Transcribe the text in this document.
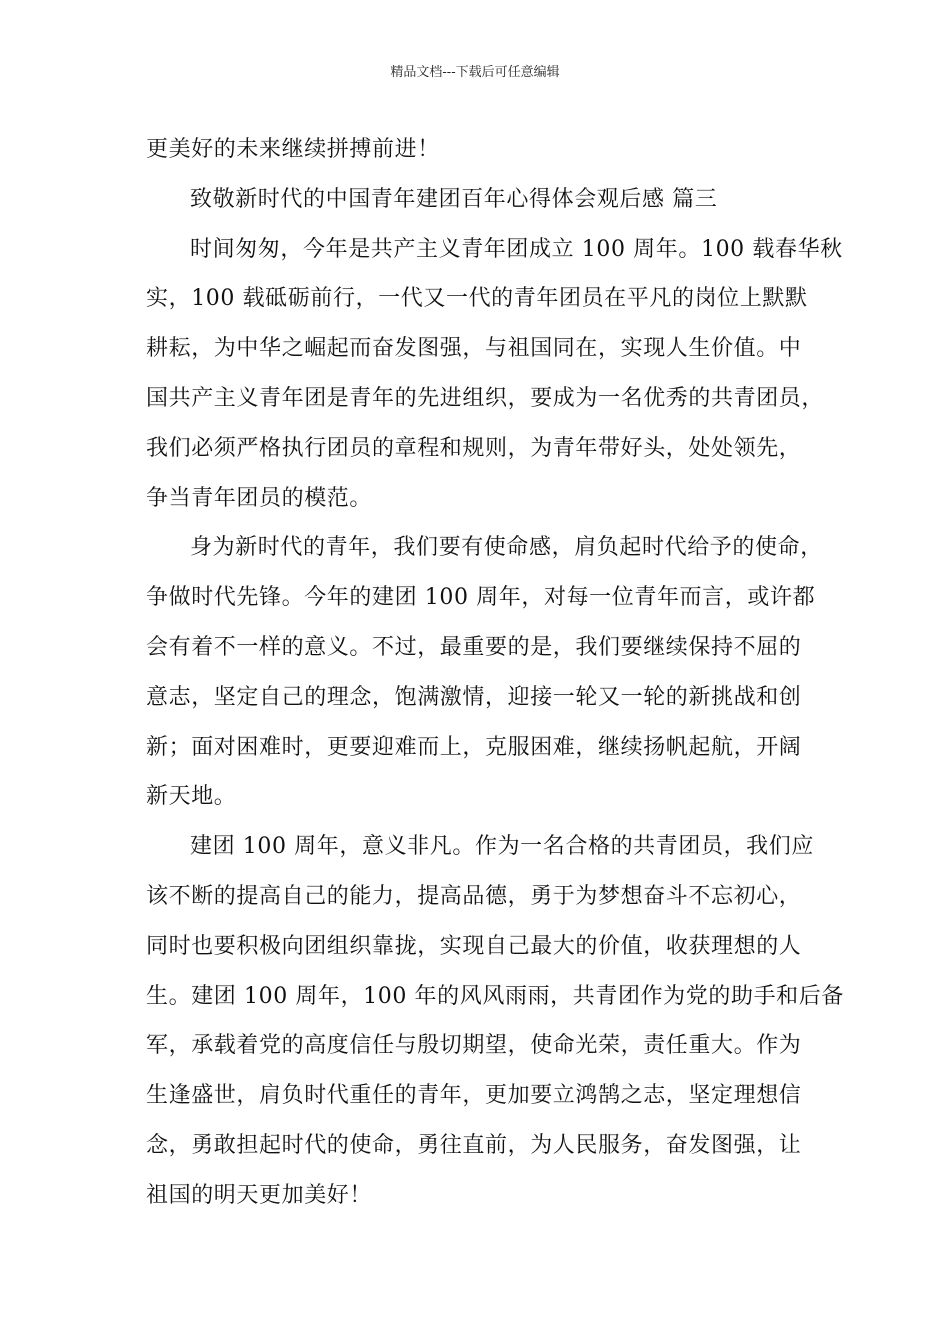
精品文档---下载后可任意编辑
更美好的未来继续拼搏前进！
致敬新时代的中国青年建团百年心得体会观后感 篇三
时间匆匆，今年是共产主义青年团成立 100 周年。100 载春华秋
实，100 载砥砺前行，一代又一代的青年团员在平凡的岗位上默默
耕耘，为中华之崛起而奋发图强，与祖国同在，实现人生价值。中
国共产主义青年团是青年的先进组织，要成为一名优秀的共青团员，
我们必须严格执行团员的章程和规则，为青年带好头，处处领先，
争当青年团员的模范。
身为新时代的青年，我们要有使命感，肩负起时代给予的使命，
争做时代先锋。今年的建团 100 周年，对每一位青年而言，或许都
会有着不一样的意义。不过，最重要的是，我们要继续保持不屈的
意志，坚定自己的理念，饱满激情，迎接一轮又一轮的新挑战和创
新；面对困难时，更要迎难而上，克服困难，继续扬帆起航，开阔
新天地。
建团 100 周年，意义非凡。作为一名合格的共青团员，我们应
该不断的提高自己的能力，提高品德，勇于为梦想奋斗不忘初心，
同时也要积极向团组织靠拢，实现自己最大的价值，收获理想的人
生。建团 100 周年，100 年的风风雨雨，共青团作为党的助手和后备
军，承载着党的高度信任与殷切期望，使命光荣，责任重大。作为
生逢盛世，肩负时代重任的青年，更加要立鸿鹄之志，坚定理想信
念，勇敢担起时代的使命，勇往直前，为人民服务，奋发图强，让
祖国的明天更加美好！
